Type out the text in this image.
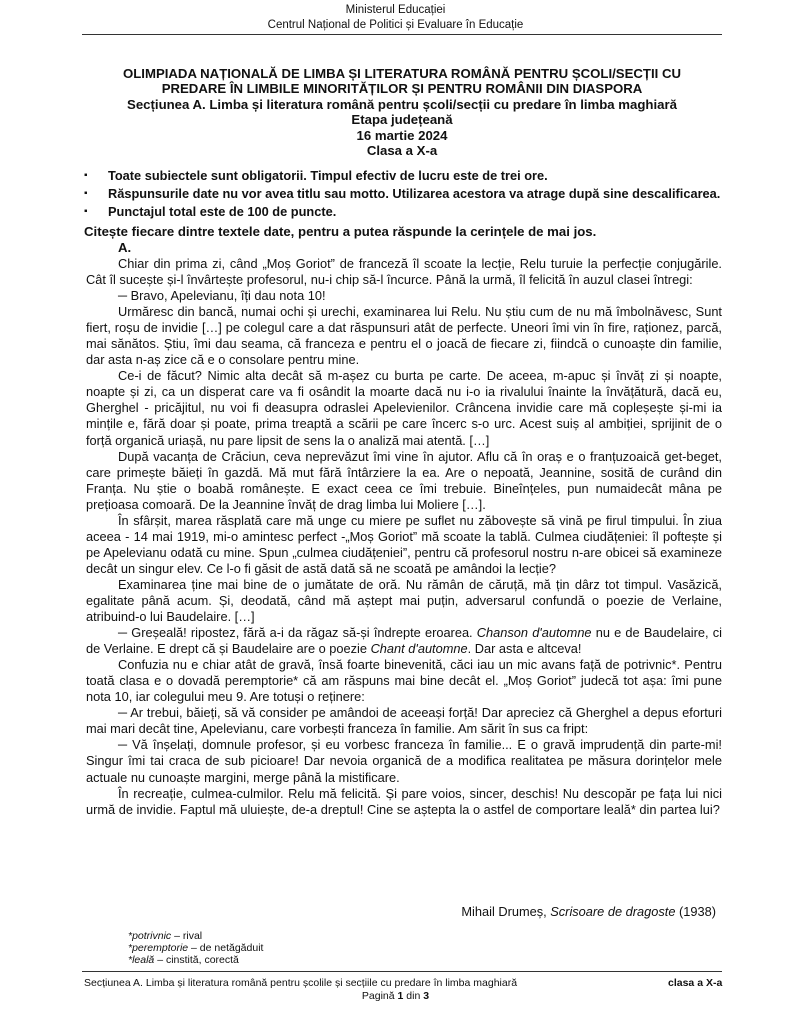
Ministerul Educației
Centrul Național de Politici și Evaluare în Educație
OLIMPIADA NAȚIONALĂ DE LIMBA ȘI LITERATURA ROMÂNĂ PENTRU ȘCOLI/SECȚII CU
PREDARE ÎN LIMBILE MINORITĂȚILOR ȘI PENTRU ROMÂNII DIN DIASPORA
Secțiunea A. Limba și literatura română pentru școli/secții cu predare în limba maghiară
Etapa județeană
16 martie 2024
Clasa a X-a
▪ Toate subiectele sunt obligatorii. Timpul efectiv de lucru este de trei ore.
▪ Răspunsurile date nu vor avea titlu sau motto. Utilizarea acestora va atrage după sine descalificarea.
▪ Punctajul total este de 100 de puncte.
Citește fiecare dintre textele date, pentru a putea răspunde la cerințele de mai jos.
A.

Chiar din prima zi, când „Moș Goriot” de franceză îl scoate la lecție, Relu turuie la perfecție conjugările. Cât îl sucește și-l învârtește profesorul, nu-i chip să-l încurce. Până la urmă, îl felicită în auzul clasei întregi:

─ Bravo, Apelevianu, îți dau nota 10!

Urmăresc din bancă, numai ochi și urechi, examinarea lui Relu. Nu știu cum de nu mă îmbolnăvesc, Sunt fiert, roșu de invidie […] pe colegul care a dat răspunsuri atât de perfecte. Uneori îmi vin în fire, raționez, parcă, mai sănătos. Știu, îmi dau seama, că franceza e pentru el o joacă de fiecare zi, fiindcă o cunoaște din familie, dar asta n-aș zice că e o consolare pentru mine.

Ce-i de făcut? Nimic alta decât să m-așez cu burta pe carte. De aceea, m-apuc și învăț zi și noapte, noapte și zi, ca un disperat care va fi osândit la moarte dacă nu i-o ia rivalului înainte la învățătură, dacă eu, Gherghel - pricăjitul, nu voi fi deasupra odraslei Apelevienilor. Crâncena invidie care mă copleșește și-mi ia mințile e, fără doar și poate, prima treaptă a scării pe care încerc s-o urc. Acest suiș al ambiției, sprijinit de o forță organică uriașă, nu pare lipsit de sens la o analiză mai atentă. […]

După vacanța de Crăciun, ceva neprevăzut îmi vine în ajutor. Aflu că în oraș e o franțuzoaică get-beget, care primește băieți în gazdă. Mă mut fără întârziere la ea. Are o nepoată, Jeannine, sosită de curând din Franța. Nu știe o boabă românește. E exact ceea ce îmi trebuie. Bineînțeles, pun numaidecât mâna pe prețioasa comoară. De la Jeannine învăț de drag limba lui Moliere […].

În sfârșit, marea răsplată care mă unge cu miere pe suflet nu zăbovește să vină pe firul timpului. În ziua aceea - 14 mai 1919, mi-o amintesc perfect -„Moș Goriot” mă scoate la tablă. Culmea ciudățeniei: îl poftește și pe Apelevianu odată cu mine. Spun „culmea ciudățeniei”, pentru că profesorul nostru n-are obicei să examineze decât un singur elev. Ce l-o fi găsit de astă dată să ne scoată pe amândoi la lecție?

Examinarea ține mai bine de o jumătate de oră. Nu rămân de căruță, mă țin dârz tot timpul. Vasăzică, egalitate până acum. Și, deodată, când mă aștept mai puțin, adversarul confundă o poezie de Verlaine, atribuind-o lui Baudelaire. […]

─ Greșeală! ripostez, fără a-i da răgaz să-și îndrepte eroarea. Chanson d'automne nu e de Baudelaire, ci de Verlaine. E drept că și Baudelaire are o poezie Chant d'automne. Dar asta e altceva!

Confuzia nu e chiar atât de gravă, însă foarte binevenită, căci iau un mic avans față de potrivnic*. Pentru toată clasa e o dovadă peremptorie* că am răspuns mai bine decât el. „Moș Goriot” judecă tot așa: îmi pune nota 10, iar colegului meu 9. Are totuși o reținere:

─ Ar trebui, băieți, să vă consider pe amândoi de aceeași forță! Dar apreciez că Gherghel a depus eforturi mai mari decât tine, Apelevianu, care vorbești franceza în familie. Am sărit în sus ca fript:

─ Vă înșelați, domnule profesor, și eu vorbesc franceza în familie... E o gravă imprudență din parte-mi! Singur îmi tai craca de sub picioare! Dar nevoia organică de a modifica realitatea pe măsura dorințelor mele actuale nu cunoaște margini, merge până la mistificare.

În recreație, culmea-culmilor. Relu mă felicită. Și pare voios, sincer, deschis! Nu descopăr pe fața lui nici urmă de invidie. Faptul mă uluiește, de-a dreptul! Cine se aștepta la o astfel de comportare leală* din partea lui?

Mihail Drumeș, Scrisoare de dragoste (1938)
*potrivnic – rival
*peremptorie – de netăgăduit
*leală – cinstită, corectă
Secțiunea A. Limba și literatura română pentru școlile și secțiile cu predare în limba maghiară	clasa a X-a
Pagină 1 din 3
